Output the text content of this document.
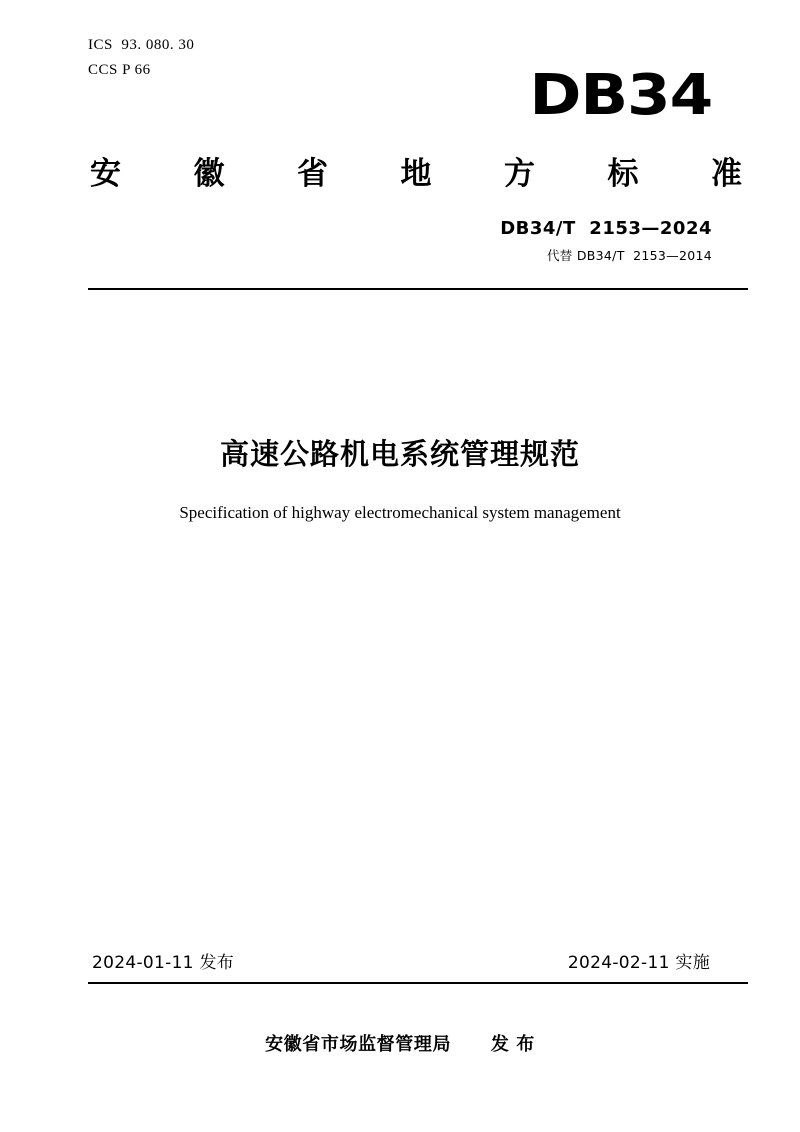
ICS  93. 080. 30
CCS P 66	DB34
安 徽 省 地 方 标 准
DB34/T  2153—2024
代替 DB34/T  2153—2014
高速公路机电系统管理规范
Specification of highway electromechanical system management
2024-01-11 发布	2024-02-11 实施
安徽省市场监督管理局 发 布
